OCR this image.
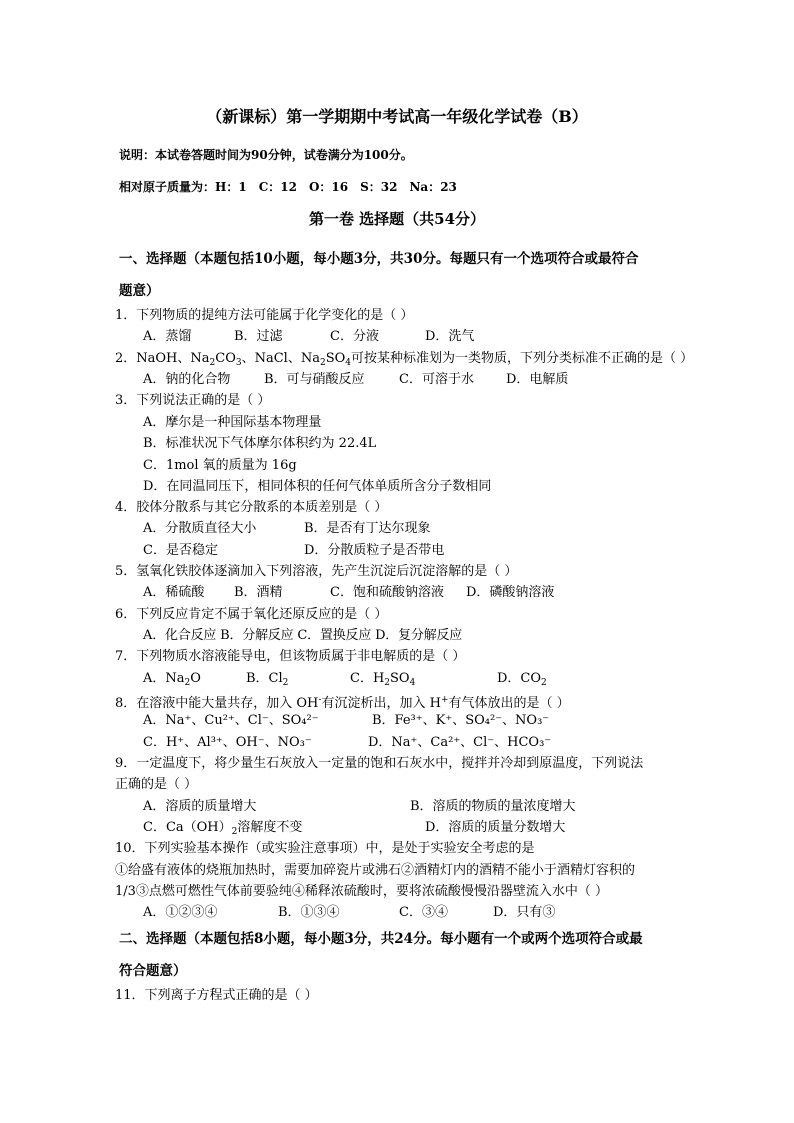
（新课标）第一学期期中考试高一年级化学试卷（B）
说明：本试卷答题时间为90分钟，试卷满分为100分。
相对原子质量为：H：1　C：12　O：16　S：32　Na：23
第一卷 选择题（共54分）
一、选择题（本题包括10小题，每小题3分，共30分。每题只有一个选项符合或最符合
题意）
1．下列物质的提纯方法可能属于化学变化的是（ ）
A．蒸馏	B．过滤	C．分液	D．洗气
2．NaOH、$Na_2CO_3$、NaCl、$Na_2SO_4$可按某种标准划为一类物质，下列分类标准不正确的是（ ）
A．钠的化合物	B．可与硝酸反应	C．可溶于水 D．电解质
3．下列说法正确的是（ ）
A．摩尔是一种国际基本物理量
B．标准状况下气体摩尔体积约为 22.4L
C．1mol 氧的质量为 16g
D．在同温同压下，相同体积的任何气体单质所含分子数相同
4．胶体分散系与其它分散系的本质差别是（ ）
A．分散质直径大小	B．是否有丁达尔现象
C．是否稳定	D．分散质粒子是否带电
5．氢氧化铁胶体逐滴加入下列溶液，先产生沉淀后沉淀溶解的是（ ）
A．稀硫酸 B．酒精	C．饱和硫酸钠溶液 D．磷酸钠溶液
6．下列反应肯定不属于氧化还原反应的是（ ）
A．化合反应 B．分解反应 C．置换反应 D．复分解反应
7．下列物质水溶液能导电，但该物质属于非电解质的是（ ）
A．$Na_2O$	B．$Cl_2$	C．$H_2SO_4$	D．$CO_2$
8．在溶液中能大量共存，加入 OH-有沉淀析出，加入 H+有气体放出的是（ ）
A．Na⁺、Cu²⁺、Cl⁻、SO₄²⁻	B．Fe³⁺、K⁺、SO₄²⁻、NO₃⁻
C．H⁺、Al³⁺、OH⁻、NO₃⁻	D．Na⁺、Ca²⁺、Cl⁻、HCO₃⁻
9．一定温度下，将少量生石灰放入一定量的饱和石灰水中，搅拌并冷却到原温度，下列说法
正确的是（ ）
A．溶质的质量增大	B．溶质的物质的量浓度增大
C．$Ca(OH)_2$溶解度不变	D．溶质的质量分数增大
10．下列实验基本操作（或实验注意事项）中，是处于实验安全考虑的是
①给盛有液体的烧瓶加热时，需要加碎瓷片或沸石②酒精灯内的酒精不能小于酒精灯容积的
1/3③点燃可燃性气体前要验纯④稀释浓硫酸时，要将浓硫酸慢慢沿器壁流入水中（ ）
A．①②③④	B．①③④	C．③④	D．只有③
二、选择题（本题包括8小题，每小题3分，共24分。每小题有一个或两个选项符合或最
符合题意）
11．下列离子方程式正确的是（ ）
